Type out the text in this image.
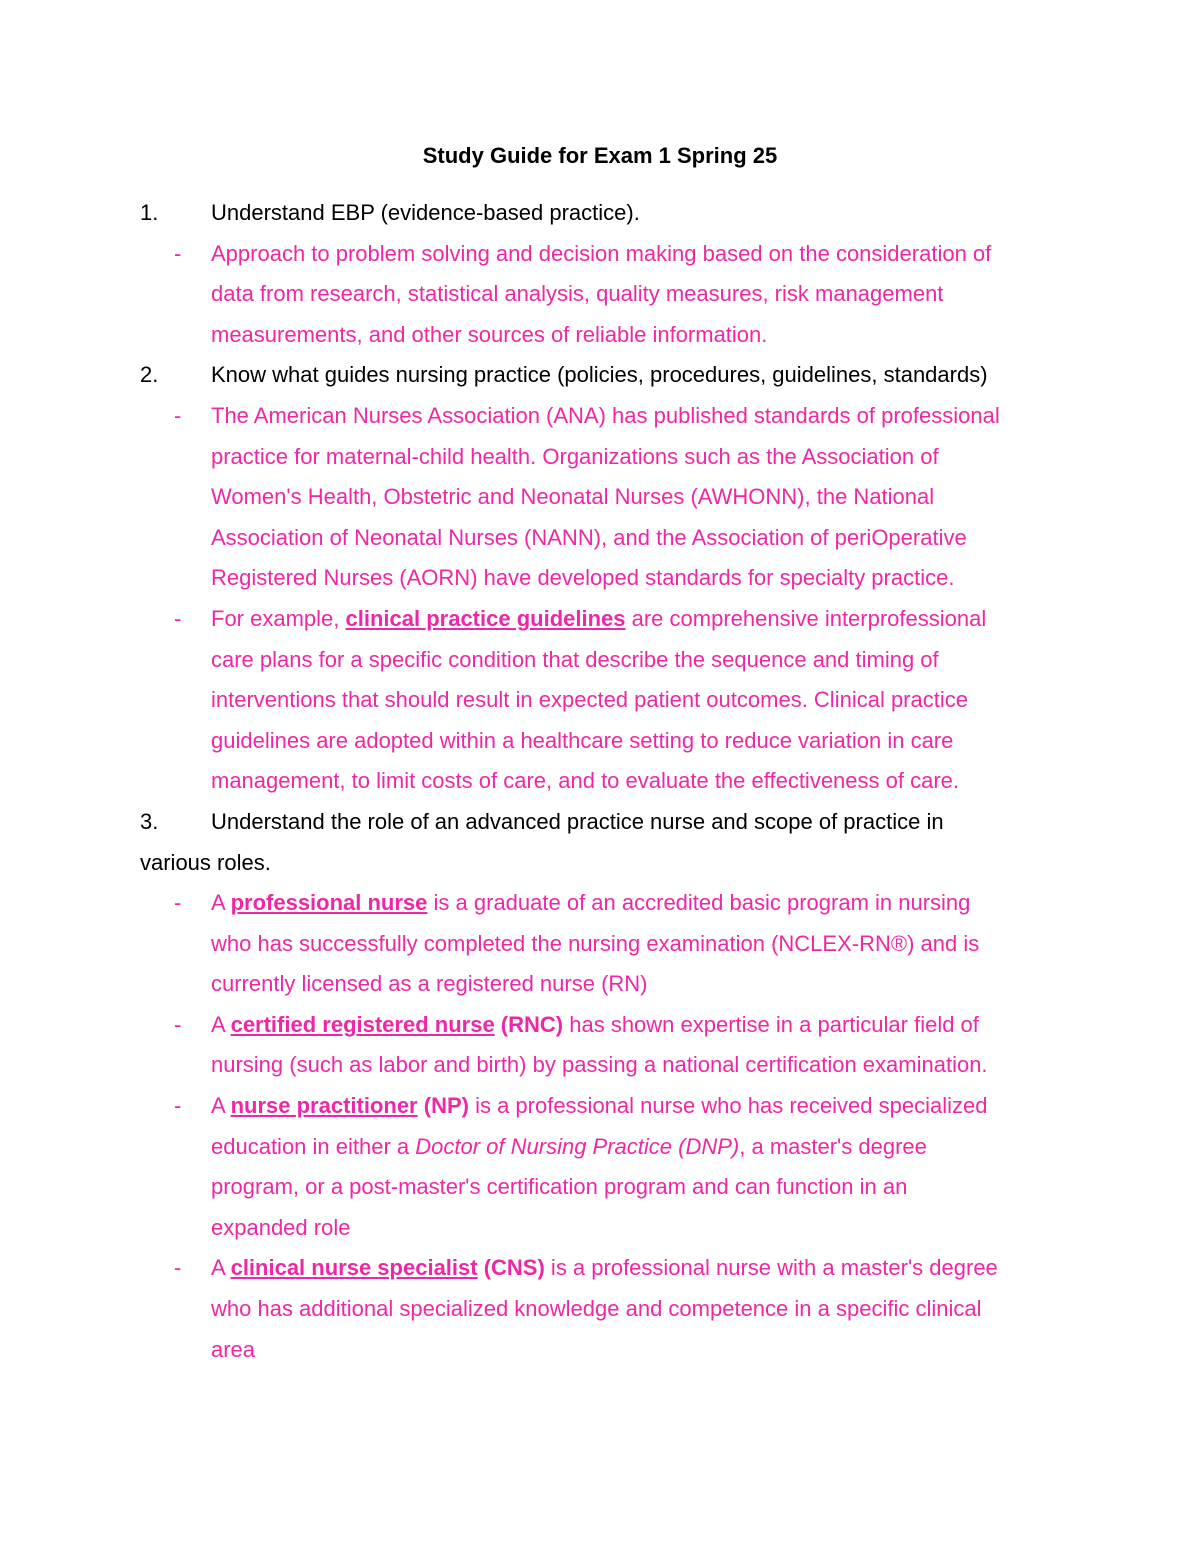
Study Guide for Exam 1 Spring 25
1. Understand EBP (evidence-based practice).
- Approach to problem solving and decision making based on the consideration of
data from research, statistical analysis, quality measures, risk management
measurements, and other sources of reliable information.
2. Know what guides nursing practice (policies, procedures, guidelines, standards)
- The American Nurses Association (ANA) has published standards of professional
practice for maternal-child health. Organizations such as the Association of
Women's Health, Obstetric and Neonatal Nurses (AWHONN), the National
Association of Neonatal Nurses (NANN), and the Association of periOperative
Registered Nurses (AORN) have developed standards for specialty practice.
- For example, clinical practice guidelines are comprehensive interprofessional
care plans for a specific condition that describe the sequence and timing of
interventions that should result in expected patient outcomes. Clinical practice
guidelines are adopted within a healthcare setting to reduce variation in care
management, to limit costs of care, and to evaluate the effectiveness of care.
3. Understand the role of an advanced practice nurse and scope of practice in
various roles.
- A professional nurse is a graduate of an accredited basic program in nursing
who has successfully completed the nursing examination (NCLEX-RN®) and is
currently licensed as a registered nurse (RN)
- A certified registered nurse (RNC) has shown expertise in a particular field of
nursing (such as labor and birth) by passing a national certification examination.
- A nurse practitioner (NP) is a professional nurse who has received specialized
education in either a Doctor of Nursing Practice (DNP), a master's degree
program, or a post-master's certification program and can function in an
expanded role
- A clinical nurse specialist (CNS) is a professional nurse with a master's degree
who has additional specialized knowledge and competence in a specific clinical
area
